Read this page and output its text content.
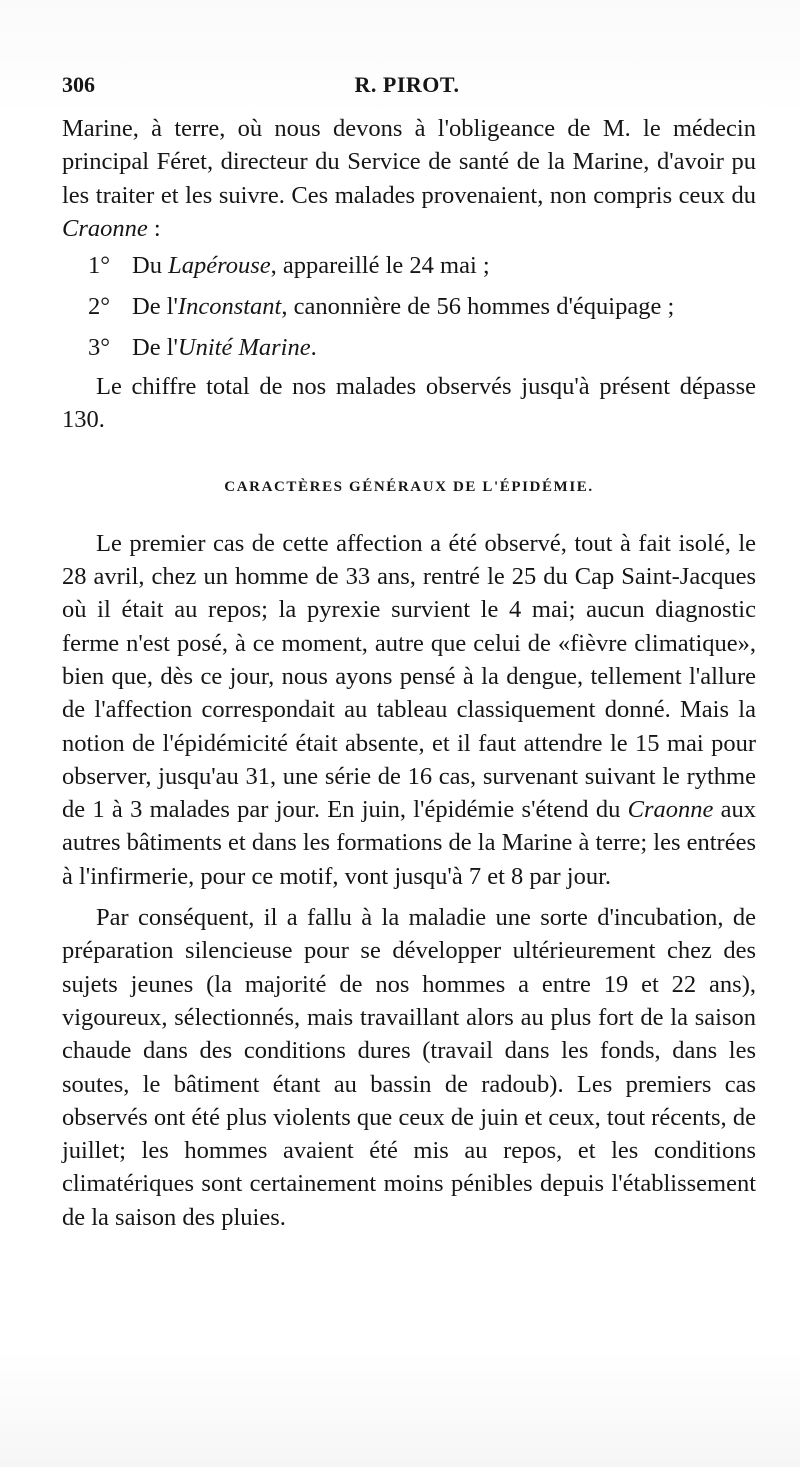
306	R. PIROT.

Marine, à terre, où nous devons à l'obligeance de M. le médecin principal Féret, directeur du Service de santé de la Marine, d'avoir pu les traiter et les suivre. Ces malades provenaient, non compris ceux du Craonne :

1° Du Lapérouse, appareillé le 24 mai ;

2° De l'Inconstant, canonnière de 56 hommes d'équipage ;

3° De l'Unité Marine.

Le chiffre total de nos malades observés jusqu'à présent dépasse 130.

CARACTÈRES GÉNÉRAUX DE L'ÉPIDÉMIE.

Le premier cas de cette affection a été observé, tout à fait isolé, le 28 avril, chez un homme de 33 ans, rentré le 25 du Cap Saint-Jacques où il était au repos; la pyrexie survient le 4 mai; aucun diagnostic ferme n'est posé, à ce moment, autre que celui de «fièvre climatique», bien que, dès ce jour, nous ayons pensé à la dengue, tellement l'allure de l'affection correspondait au tableau classiquement donné. Mais la notion de l'épidémicité était absente, et il faut attendre le 15 mai pour observer, jusqu'au 31, une série de 16 cas, survenant suivant le rythme de 1 à 3 malades par jour. En juin, l'épidémie s'étend du Craonne aux autres bâtiments et dans les formations de la Marine à terre; les entrées à l'infirmerie, pour ce motif, vont jusqu'à 7 et 8 par jour.

Par conséquent, il a fallu à la maladie une sorte d'incubation, de préparation silencieuse pour se développer ultérieurement chez des sujets jeunes (la majorité de nos hommes a entre 19 et 22 ans), vigoureux, sélectionnés, mais travaillant alors au plus fort de la saison chaude dans des conditions dures (travail dans les fonds, dans les soutes, le bâtiment étant au bassin de radoub). Les premiers cas observés ont été plus violents que ceux de juin et ceux, tout récents, de juillet; les hommes avaient été mis au repos, et les conditions climatériques sont certainement moins pénibles depuis l'établissement de la saison des pluies.
